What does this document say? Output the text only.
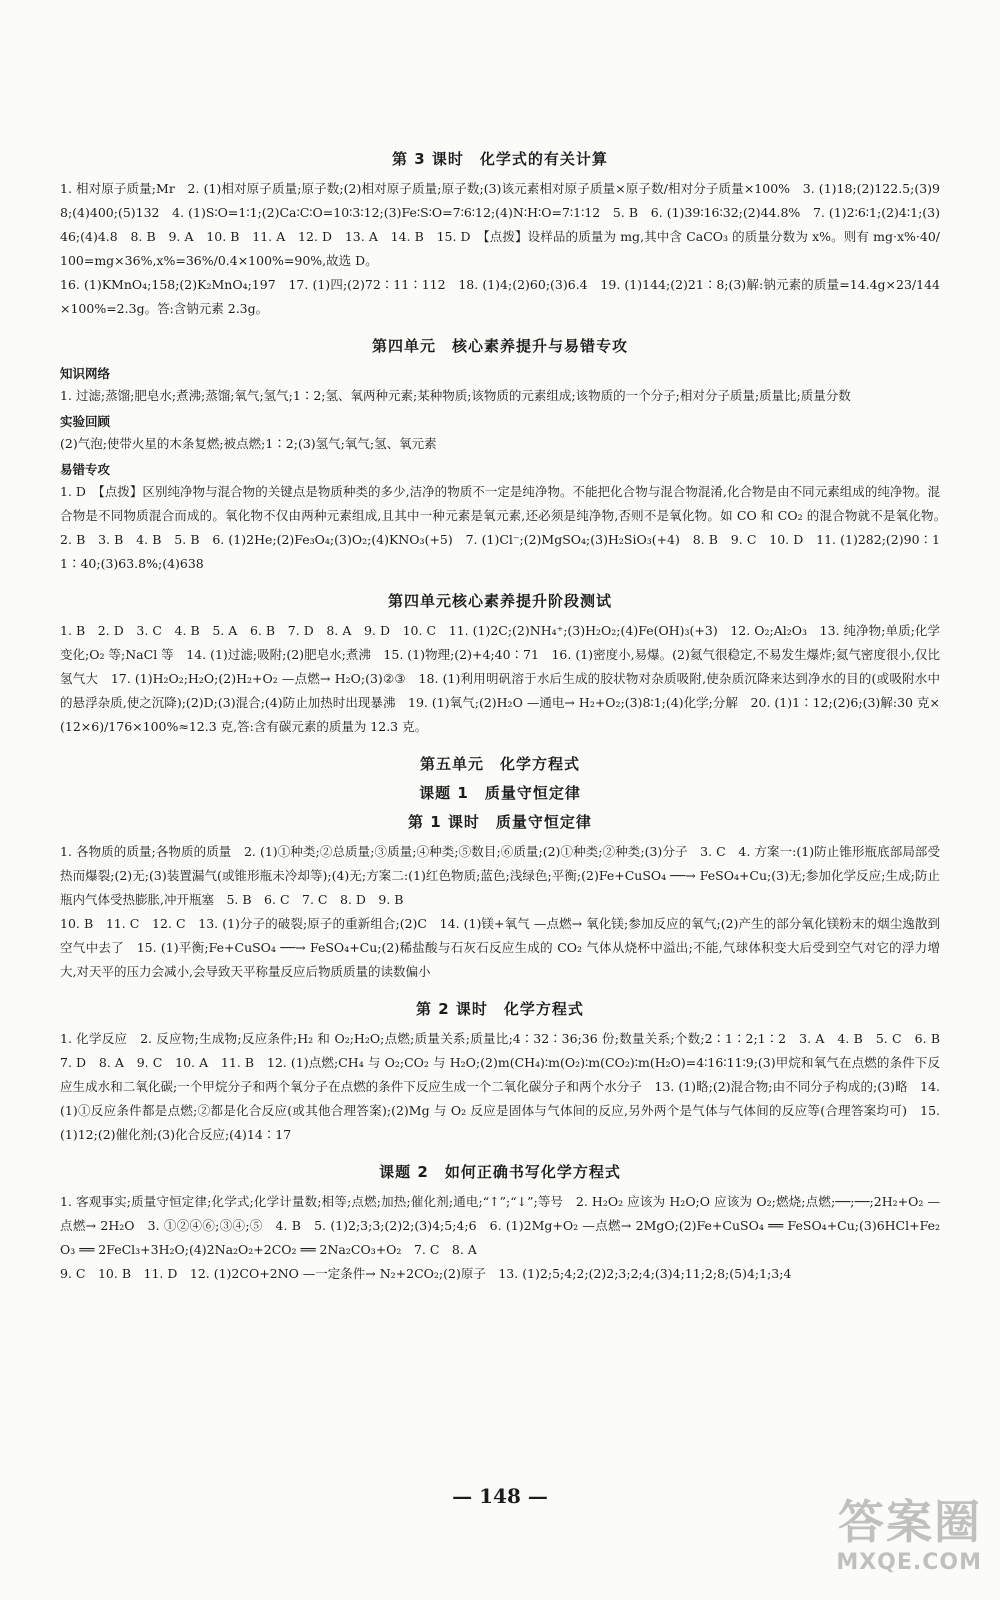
第 3 课时　化学式的有关计算

1. 相对原子质量;Mr　2. (1)相对原子质量;原子数;(2)相对原子质量;原子数;(3)该元素相对原子质量×原子数/相对分子质量×100%　3. (1)18;(2)122.5;(3)98;(4)400;(5)132　4. (1)S∶O=1∶1;(2)Ca∶C∶O=10∶3∶12;(3)Fe∶S∶O=7∶6∶12;(4)N∶H∶O=7∶1∶12　5. B　6. (1)39∶16∶32;(2)44.8%　7. (1)2∶6∶1;(2)4∶1;(3)46;(4)4.8　8. B　9. A　10. B　11. A　12. D　13. A　14. B　15. D　【点拨】设样品的质量为 mg,其中含 CaCO₃ 的质量分数为 x%。则有 mg·x%·40/100=mg×36%,x%=36%/0.4×100%=90%,故选 D。

16. (1)KMnO₄;158;(2)K₂MnO₄;197　17. (1)四;(2)72∶11∶112　18. (1)4;(2)60;(3)6.4　19. (1)144;(2)21∶8;(3)解:钠元素的质量=14.4g×23/144×100%=2.3g。答:含钠元素 2.3g。

第四单元　核心素养提升与易错专攻
知识网络

1. 过滤;蒸馏;肥皂水;煮沸;蒸馏;氧气;氢气;1∶2;氢、氧两种元素;某种物质;该物质的元素组成;该物质的一个分子;相对分子质量;质量比;质量分数

实验回顾

(2)气泡;使带火星的木条复燃;被点燃;1∶2;(3)氢气;氧气;氢、氧元素

易错专攻

1. D　【点拨】区别纯净物与混合物的关键点是物质种类的多少,洁净的物质不一定是纯净物。不能把化合物与混合物混淆,化合物是由不同元素组成的纯净物。混合物是不同物质混合而成的。氧化物不仅由两种元素组成,且其中一种元素是氧元素,还必须是纯净物,否则不是氧化物。如 CO 和 CO₂ 的混合物就不是氧化物。　2. B　3. B　4. B　5. B　6. (1)2He;(2)Fe₃O₄;(3)O₂;(4)KNO₃(+5)　7. (1)Cl⁻;(2)MgSO₄;(3)H₂SiO₃(+4)　8. B　9. C　10. D　11. (1)282;(2)90∶11∶40;(3)63.8%;(4)638

第四单元核心素养提升阶段测试

1. B　2. D　3. C　4. B　5. A　6. B　7. D　8. A　9. D　10. C　11. (1)2C;(2)NH₄⁺;(3)H₂O₂;(4)Fe(OH)₃(+3)　12. O₂;Al₂O₃　13. 纯净物;单质;化学变化;O₂ 等;NaCl 等　14. (1)过滤;吸附;(2)肥皂水;煮沸　15. (1)物理;(2)+4;40∶71　16. (1)密度小,易爆。(2)氦气很稳定,不易发生爆炸;氦气密度很小,仅比氢气大　17. (1)H₂O₂;H₂O;(2)H₂+O₂ —点燃→ H₂O;(3)②③　18. (1)利用明矾溶于水后生成的胶状物对杂质吸附,使杂质沉降来达到净水的目的(或吸附水中的悬浮杂质,使之沉降);(2)D;(3)混合;(4)防止加热时出现暴沸　19. (1)氧气;(2)H₂O —通电→ H₂+O₂;(3)8∶1;(4)化学;分解　20. (1)1∶12;(2)6;(3)解:30 克×(12×6)/176×100%≈12.3 克,答:含有碳元素的质量为 12.3 克。

第五单元　化学方程式
课题 1　质量守恒定律
第 1 课时　质量守恒定律

1. 各物质的质量;各物质的质量　2. (1)①种类;②总质量;③质量;④种类;⑤数目;⑥质量;(2)①种类;②种类;(3)分子　3. C　4. 方案一:(1)防止锥形瓶底部局部受热而爆裂;(2)无;(3)装置漏气(或锥形瓶未冷却等);(4)无;方案二:(1)红色物质;蓝色;浅绿色;平衡;(2)Fe+CuSO₄ ──→ FeSO₄+Cu;(3)无;参加化学反应;生成;防止瓶内气体受热膨胀,冲开瓶塞　5. B　6. C　7. C　8. D　9. B

10. B　11. C　12. C　13. (1)分子的破裂;原子的重新组合;(2)C　14. (1)镁+氧气 —点燃→ 氧化镁;参加反应的氧气;(2)产生的部分氧化镁粉末的烟尘逸散到空气中去了　15. (1)平衡;Fe+CuSO₄ ──→ FeSO₄+Cu;(2)稀盐酸与石灰石反应生成的 CO₂ 气体从烧杯中溢出;不能,气球体积变大后受到空气对它的浮力增大,对天平的压力会减小,会导致天平称量反应后物质质量的读数偏小

第 2 课时　化学方程式

1. 化学反应　2. 反应物;生成物;反应条件;H₂ 和 O₂;H₂O;点燃;质量关系;质量比;4∶32∶36;36 份;数量关系;个数;2∶1∶2;1∶2　3. A　4. B　5. C　6. B　7. D　8. A　9. C　10. A　11. B　12. (1)点燃;CH₄ 与 O₂;CO₂ 与 H₂O;(2)m(CH₄)∶m(O₂)∶m(CO₂)∶m(H₂O)=4∶16∶11∶9;(3)甲烷和氧气在点燃的条件下反应生成水和二氧化碳;一个甲烷分子和两个氧分子在点燃的条件下反应生成一个二氧化碳分子和两个水分子　13. (1)略;(2)混合物;由不同分子构成的;(3)略　14. (1)①反应条件都是点燃;②都是化合反应(或其他合理答案);(2)Mg 与 O₂ 反应是固体与气体间的反应,另外两个是气体与气体间的反应等(合理答案均可)　15. (1)12;(2)催化剂;(3)化合反应;(4)14∶17

课题 2　如何正确书写化学方程式

1. 客观事实;质量守恒定律;化学式;化学计量数;相等;点燃;加热;催化剂;通电;“↑”;“↓”;等号　2. H₂O₂ 应该为 H₂O;O 应该为 O₂;燃烧;点燃;──;──;2H₂+O₂ —点燃→ 2H₂O　3. ①②④⑥;③④;⑤　4. B　5. (1)2;3;3;(2)2;(3)4;5;4;6　6. (1)2Mg+O₂ —点燃→ 2MgO;(2)Fe+CuSO₄ ══ FeSO₄+Cu;(3)6HCl+Fe₂O₃ ══ 2FeCl₃+3H₂O;(4)2Na₂O₂+2CO₂ ══ 2Na₂CO₃+O₂　7. C　8. A

9. C　10. B　11. D　12. (1)2CO+2NO —一定条件→ N₂+2CO₂;(2)原子　13. (1)2;5;4;2;(2)2;3;2;4;(3)4;11;2;8;(5)4;1;3;4

— 148 —	答案圈
MXQE.COM
